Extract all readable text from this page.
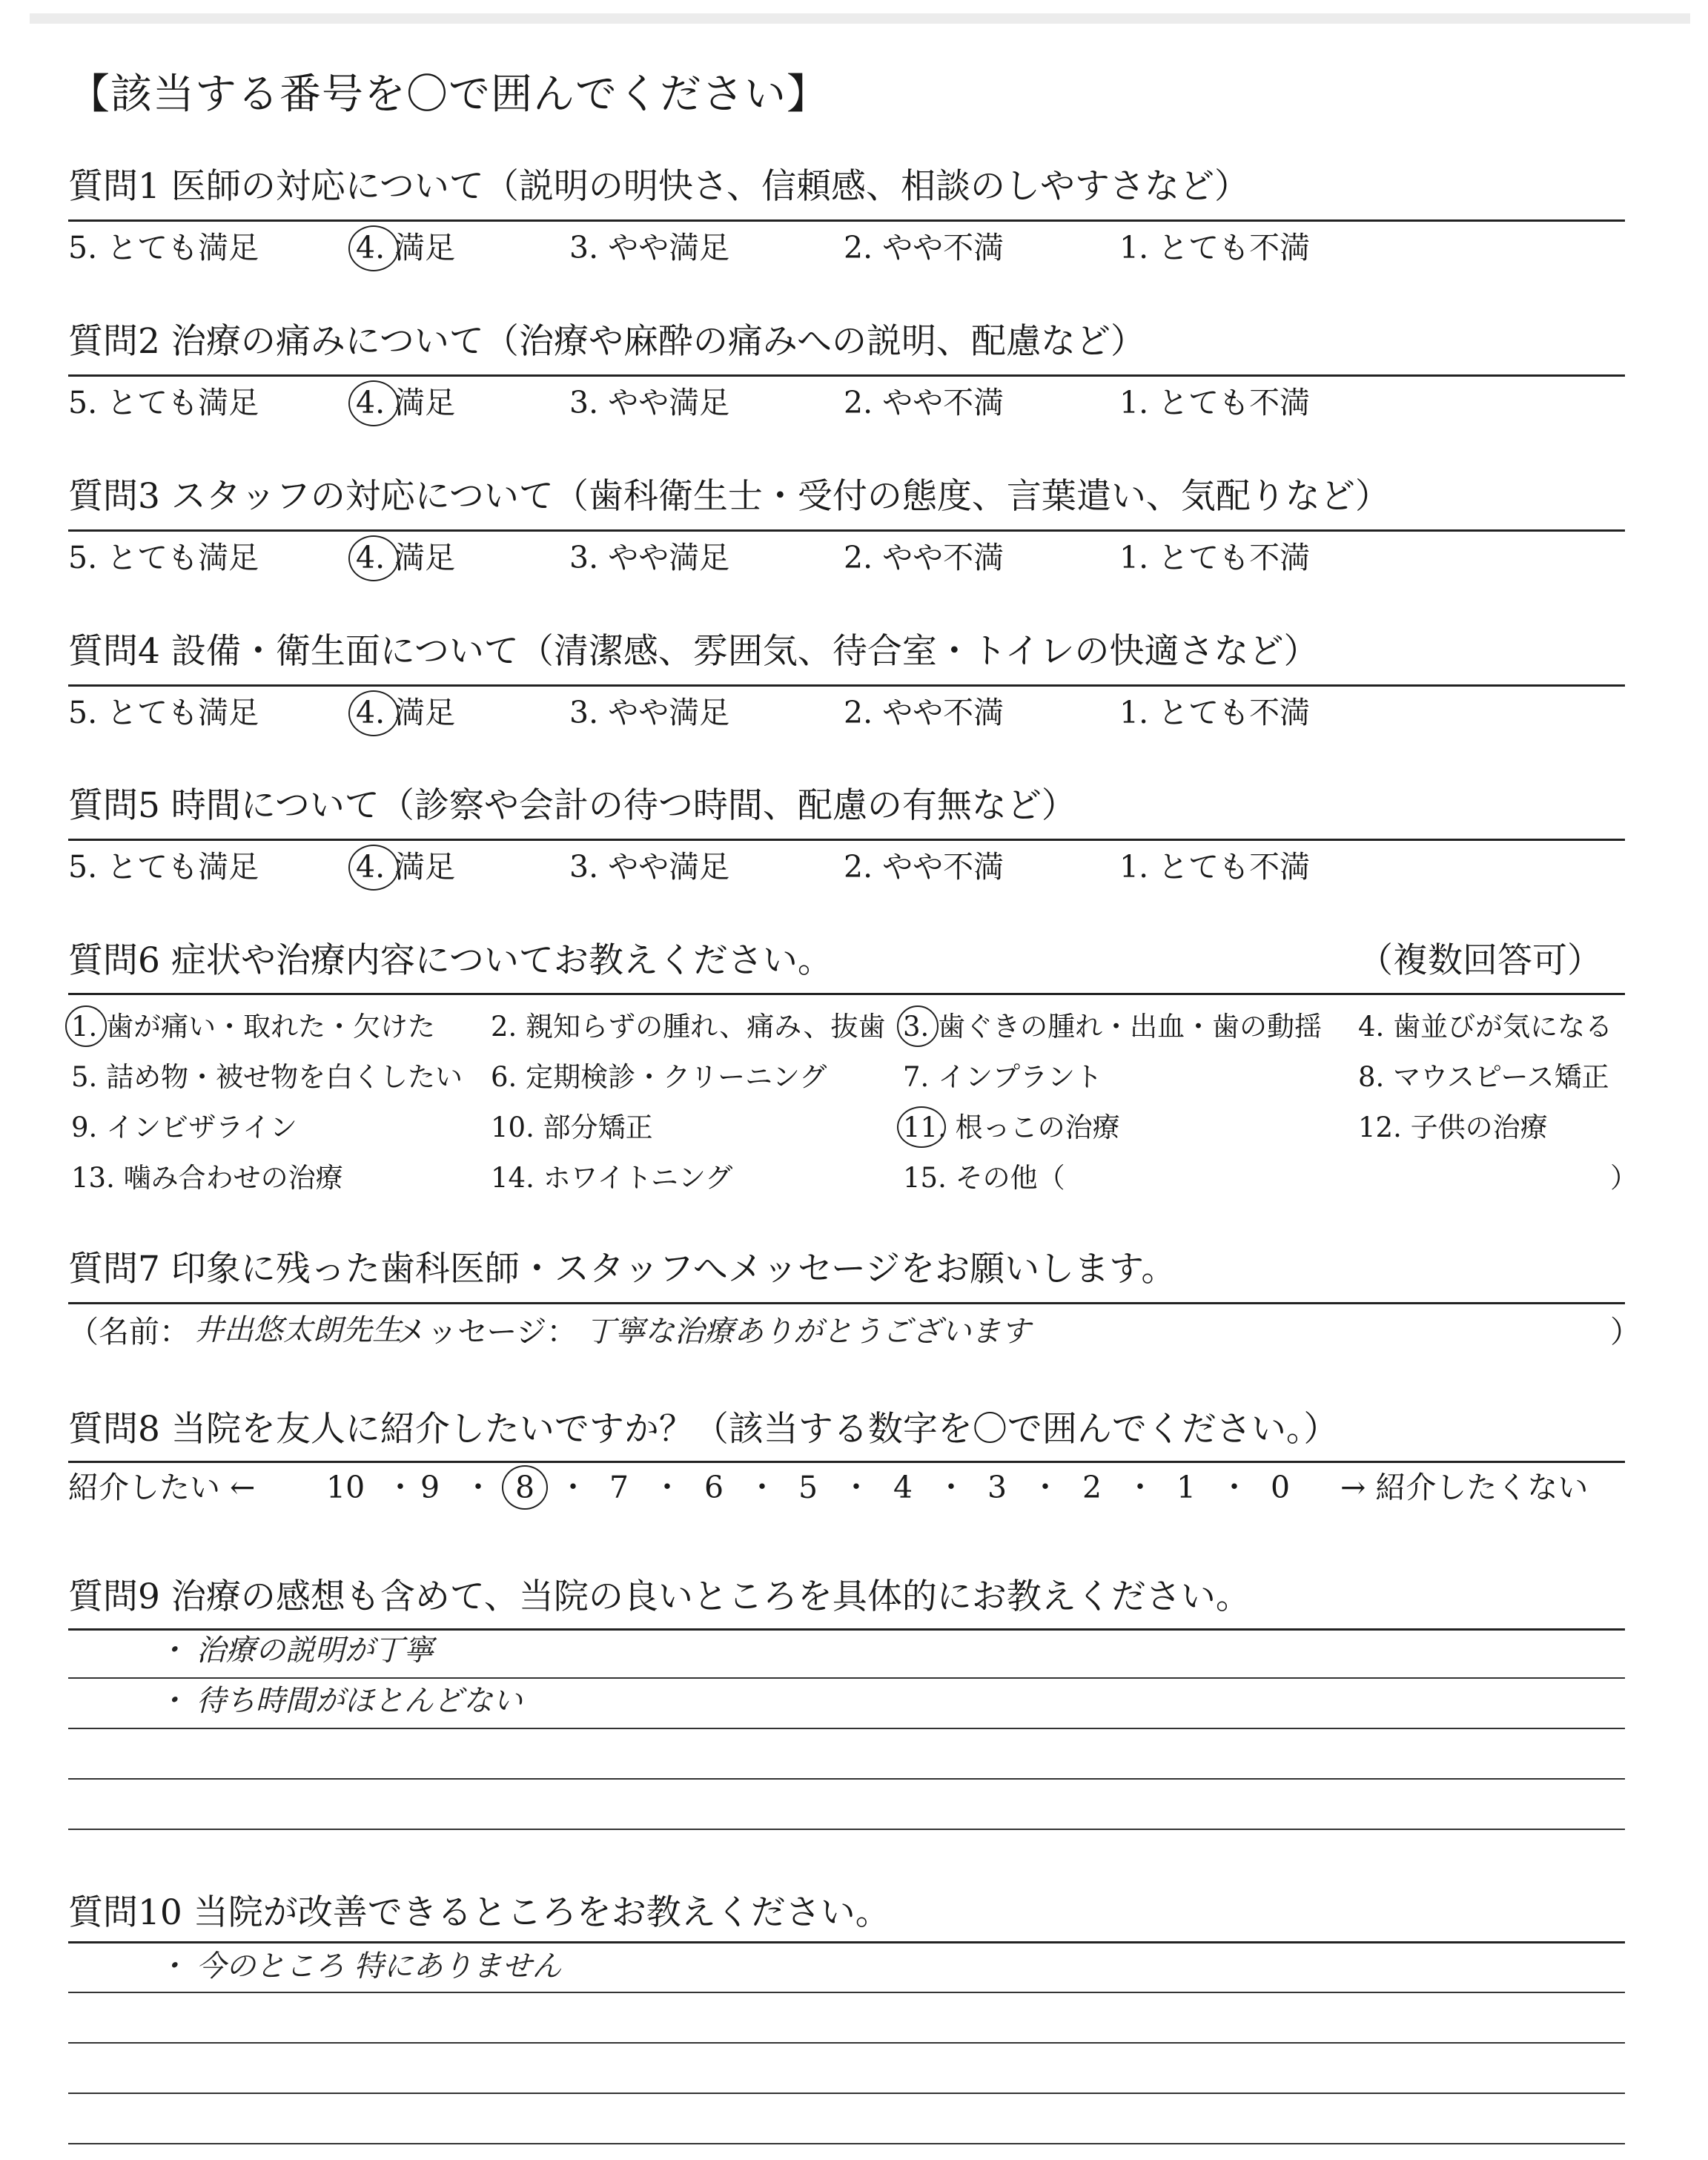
【該当する番号を〇で囲んでください】
質問6 症状や治療内容についてお教えください。	（複数回答可）
質問7 印象に残った歯科医師・スタッフへメッセージをお願いします。
（名前： 井出悠太朗先生
メッセージ： 丁寧な治療ありがとうございます	）
質問8 当院を友人に紹介したいですか？（該当する数字を〇で囲んでください。）
紹介したい ←	→ 紹介したくない
質問9 治療の感想も含めて、当院の良いところを具体的にお教えください。
質問10 当院が改善できるところをお教えください。
質問1 医師の対応について（説明の明快さ、信頼感、相談のしやすさなど）
5. とても満足	4. 満足	3. やや満足	2. やや不満	1. とても不満
質問2 治療の痛みについて（治療や麻酔の痛みへの説明、配慮など）
5. とても満足	4. 満足	3. やや満足	2. やや不満	1. とても不満
質問3 スタッフの対応について（歯科衛生士・受付の態度、言葉遣い、気配りなど）
5. とても満足	4. 満足	3. やや満足	2. やや不満	1. とても不満
質問4 設備・衛生面について（清潔感、雰囲気、待合室・トイレの快適さなど）
5. とても満足	4. 満足	3. やや満足	2. やや不満	1. とても不満
質問5 時間について（診察や会計の待つ時間、配慮の有無など）
5. とても満足	4. 満足	3. やや満足	2. やや不満	1. とても不満
1. 歯が痛い・取れた・欠けた 2. 親知らずの腫れ、痛み、抜歯 3. 歯ぐきの腫れ・出血・歯の動揺 4. 歯並びが気になる
5. 詰め物・被せ物を白くしたい 6. 定期検診・クリーニング	7. インプラント	8. マウスピース矯正
9. インビザライン	10. 部分矯正	11. 根っこの治療	12. 子供の治療
13. 噛み合わせの治療	14. ホワイトニング	15. その他（	）
10 ・ 9 ・ 8 ・ 7 ・ 6 ・ 5 ・ 4 ・ 3 ・ 2 ・ 1 ・ 0
・ 治療の説明が丁寧
・ 待ち時間がほとんどない
・ 今のところ 特にありません
